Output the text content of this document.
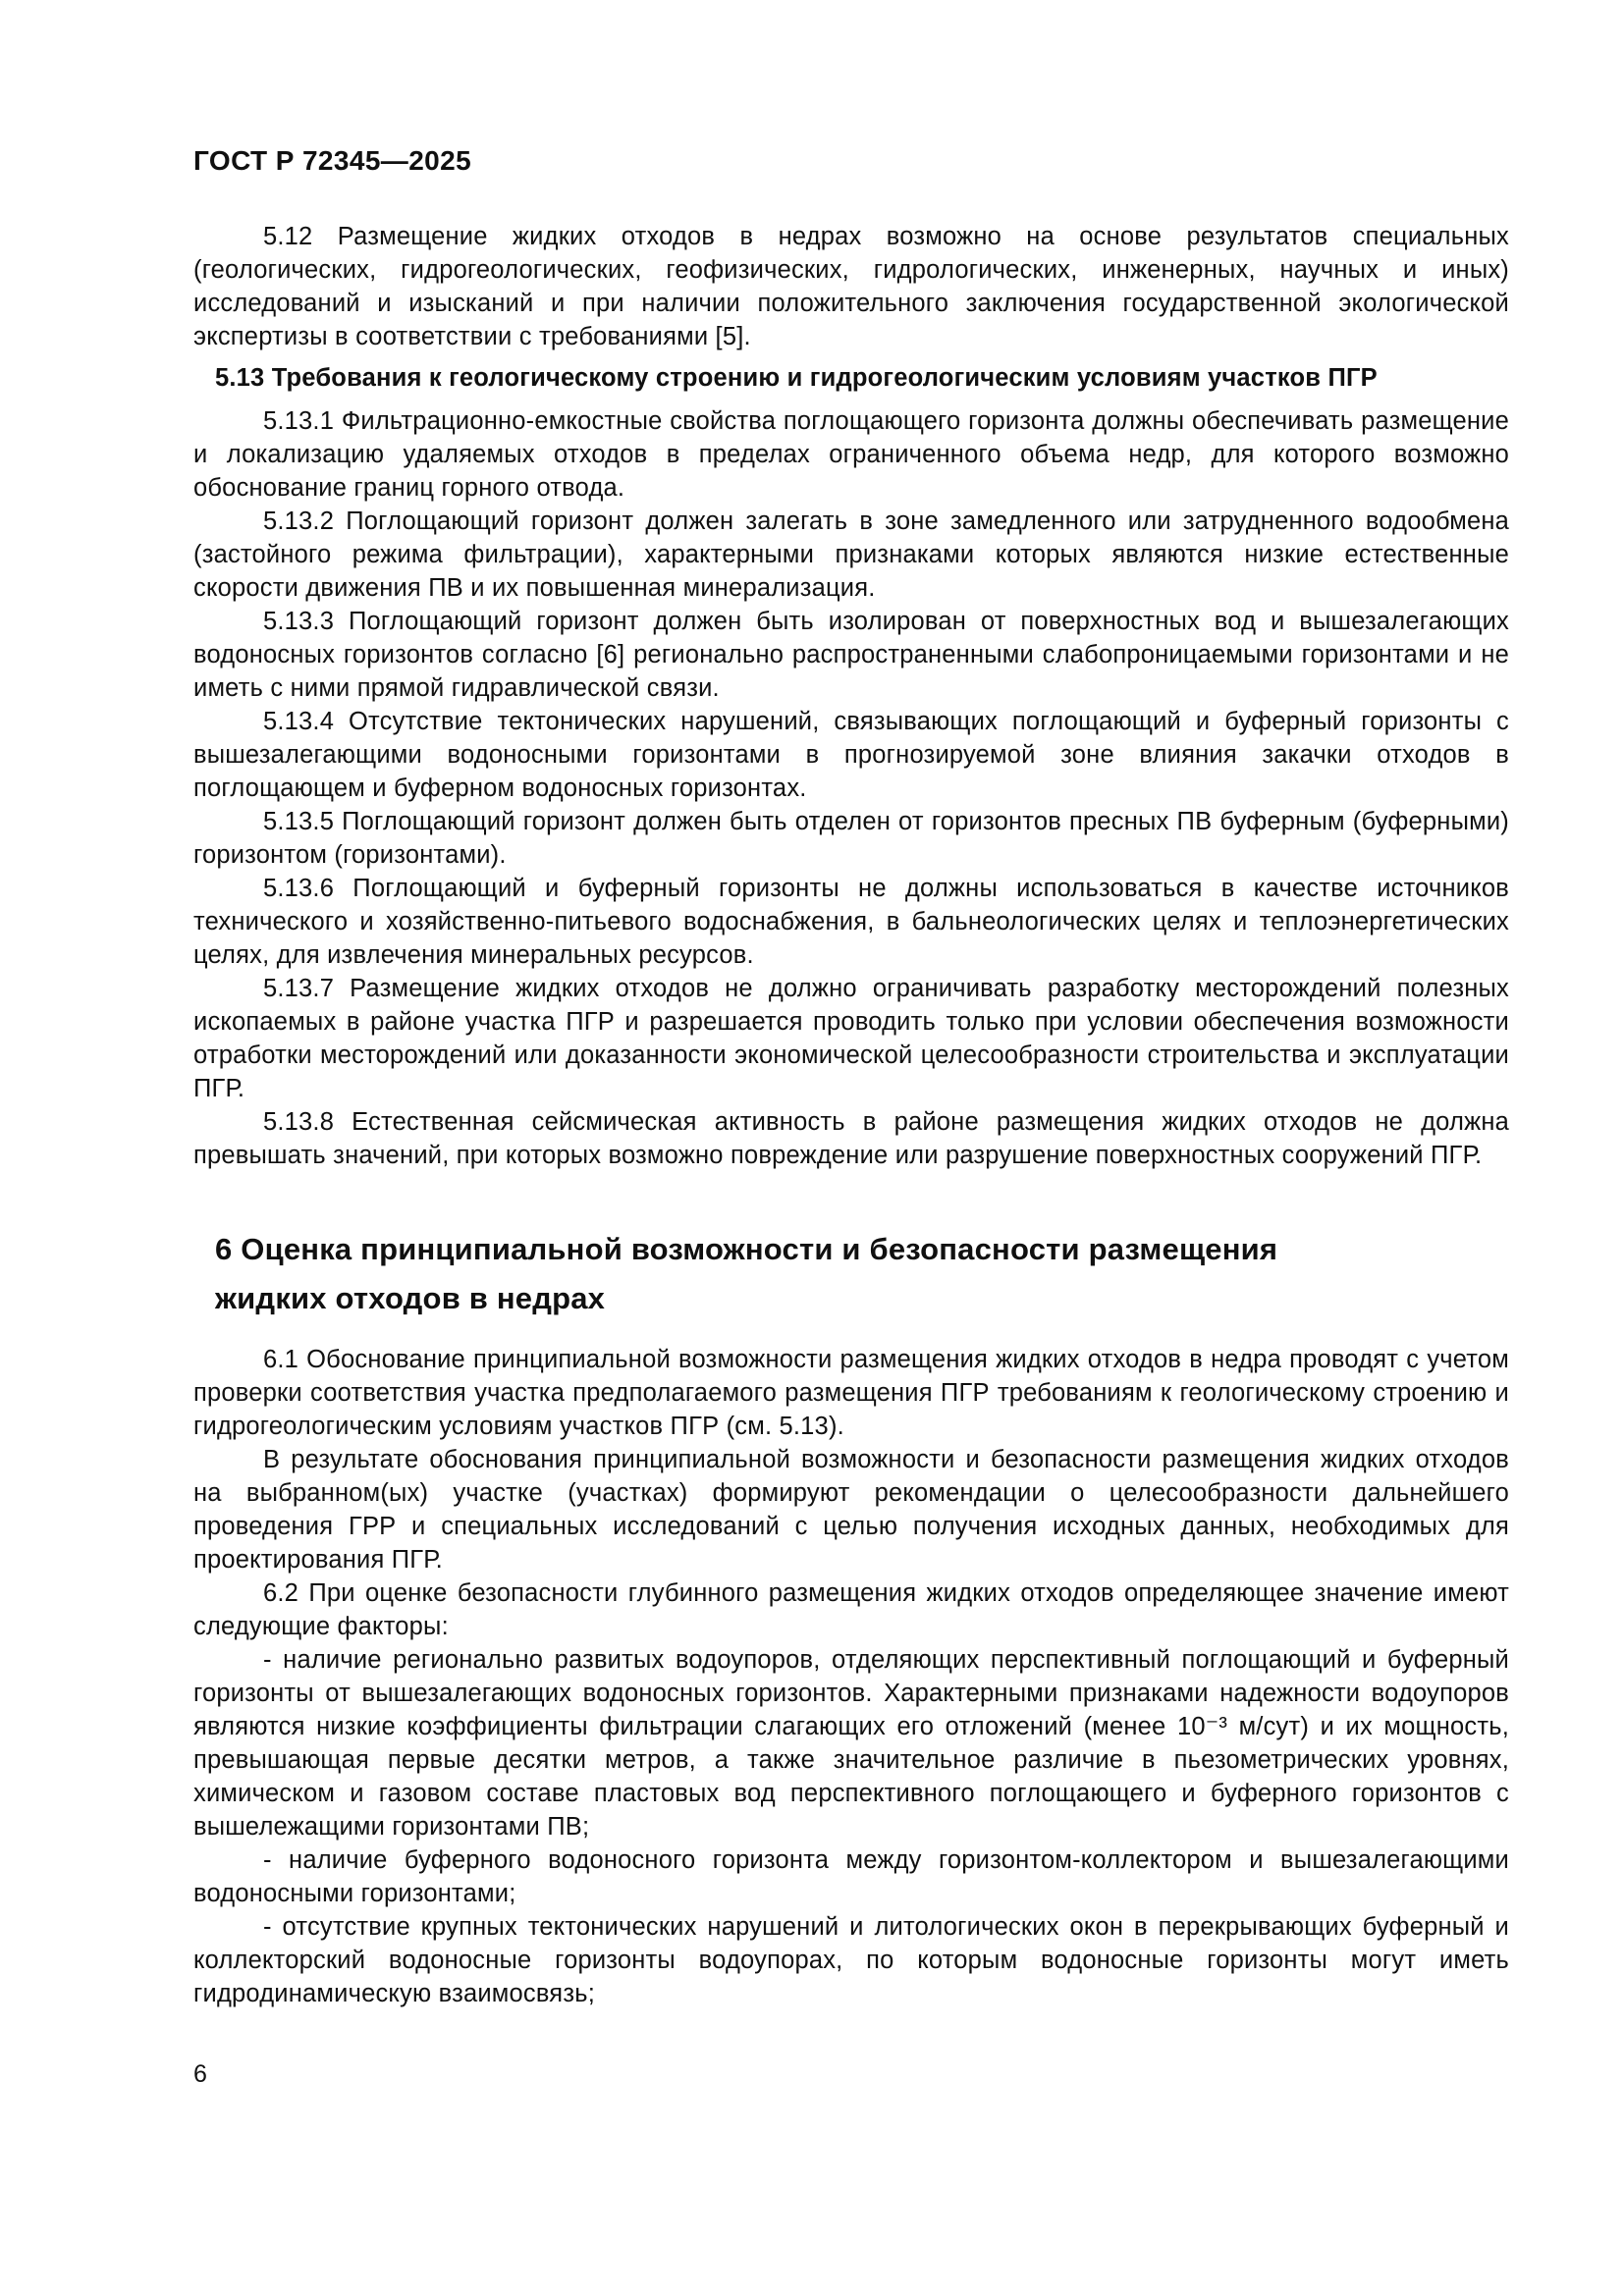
ГОСТ Р 72345—2025

5.12 Размещение жидких отходов в недрах возможно на основе результатов специальных (геологических, гидрогеологических, геофизических, гидрологических, инженерных, научных и иных) исследований и изысканий и при наличии положительного заключения государственной экологической экспертизы в соответствии с требованиями [5].

5.13 Требования к геологическому строению и гидрогеологическим условиям участков ПГР

5.13.1 Фильтрационно-емкостные свойства поглощающего горизонта должны обеспечивать размещение и локализацию удаляемых отходов в пределах ограниченного объема недр, для которого возможно обоснование границ горного отвода.

5.13.2 Поглощающий горизонт должен залегать в зоне замедленного или затрудненного водообмена (застойного режима фильтрации), характерными признаками которых являются низкие естественные скорости движения ПВ и их повышенная минерализация.

5.13.3 Поглощающий горизонт должен быть изолирован от поверхностных вод и вышезалегающих водоносных горизонтов согласно [6] регионально распространенными слабопроницаемыми горизонтами и не иметь с ними прямой гидравлической связи.

5.13.4 Отсутствие тектонических нарушений, связывающих поглощающий и буферный горизонты с вышезалегающими водоносными горизонтами в прогнозируемой зоне влияния закачки отходов в поглощающем и буферном водоносных горизонтах.

5.13.5 Поглощающий горизонт должен быть отделен от горизонтов пресных ПВ буферным (буферными) горизонтом (горизонтами).

5.13.6 Поглощающий и буферный горизонты не должны использоваться в качестве источников технического и хозяйственно-питьевого водоснабжения, в бальнеологических целях и теплоэнергетических целях, для извлечения минеральных ресурсов.

5.13.7 Размещение жидких отходов не должно ограничивать разработку месторождений полезных ископаемых в районе участка ПГР и разрешается проводить только при условии обеспечения возможности отработки месторождений или доказанности экономической целесообразности строительства и эксплуатации ПГР.

5.13.8 Естественная сейсмическая активность в районе размещения жидких отходов не должна превышать значений, при которых возможно повреждение или разрушение поверхностных сооружений ПГР.

6 Оценка принципиальной возможности и безопасности размещения жидких отходов в недрах

6.1 Обоснование принципиальной возможности размещения жидких отходов в недра проводят с учетом проверки соответствия участка предполагаемого размещения ПГР требованиям к геологическому строению и гидрогеологическим условиям участков ПГР (см. 5.13).

В результате обоснования принципиальной возможности и безопасности размещения жидких отходов на выбранном(ых) участке (участках) формируют рекомендации о целесообразности дальнейшего проведения ГРР и специальных исследований с целью получения исходных данных, необходимых для проектирования ПГР.

6.2 При оценке безопасности глубинного размещения жидких отходов определяющее значение имеют следующие факторы:

- наличие регионально развитых водоупоров, отделяющих перспективный поглощающий и буферный горизонты от вышезалегающих водоносных горизонтов. Характерными признаками надежности водоупоров являются низкие коэффициенты фильтрации слагающих его отложений (менее 10⁻³ м/сут) и их мощность, превышающая первые десятки метров, а также значительное различие в пьезометрических уровнях, химическом и газовом составе пластовых вод перспективного поглощающего и буферного горизонтов с вышележащими горизонтами ПВ;

- наличие буферного водоносного горизонта между горизонтом-коллектором и вышезалегающими водоносными горизонтами;

- отсутствие крупных тектонических нарушений и литологических окон в перекрывающих буферный и коллекторский водоносные горизонты водоупорах, по которым водоносные горизонты могут иметь гидродинамическую взаимосвязь;

6
